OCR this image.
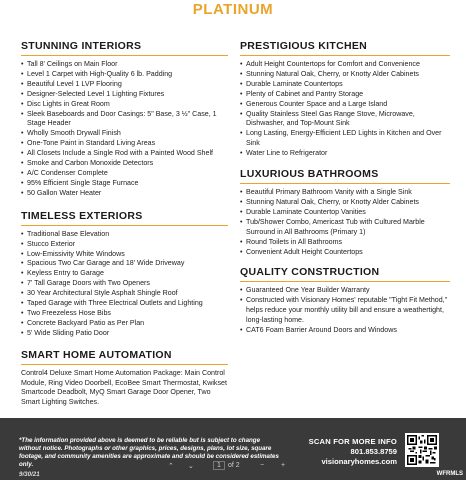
PLATINUM
STUNNING INTERIORS
• Tall 8' Ceilings on Main Floor
• Level 1 Carpet with High-Quality 6 lb. Padding
• Beautiful Level 1 LVP Flooring
• Designer-Selected Level 1 Lighting Fixtures
• Disc Lights in Great Room
• Sleek Baseboards and Door Casings: 5" Base, 3 ½" Case, 1 Stage Header
• Wholly Smooth Drywall Finish
• One-Tone Paint in Standard Living Areas
• All Closets Include a Single Rod with a Painted Wood Shelf
• Smoke and Carbon Monoxide Detectors
• A/C Condenser Complete
• 95% Efficient Single Stage Furnace
• 50 Gallon Water Heater
TIMELESS EXTERIORS
• Traditional Base Elevation
• Stucco Exterior
• Low-Emissivity White Windows
• Spacious Two Car Garage and 18' Wide Driveway
• Keyless Entry to Garage
• 7' Tall Garage Doors with Two Openers
• 30 Year Architectural Style Asphalt Shingle Roof
• Taped Garage with Three Electrical Outlets and Lighting
• Two Freezeless Hose Bibs
• Concrete Backyard Patio as Per Plan
• 5' Wide Sliding Patio Door
SMART HOME AUTOMATION
Control4 Deluxe Smart Home Automation Package: Main Control Module, Ring Video Doorbell, EcoBee Smart Thermostat, Kwikset Smartcode Deadbolt, MyQ Smart Garage Door Opener, Two Smart Lighting Switches.
PRESTIGIOUS KITCHEN
• Adult Height Countertops for Comfort and Convenience
• Stunning Natural Oak, Cherry, or Knotty Alder Cabinets
• Durable Laminate Countertops
• Plenty of Cabinet and Pantry Storage
• Generous Counter Space and a Large Island
• Quality Stainless Steel Gas Range Stove, Microwave, Dishwasher, and Top-Mount Sink
• Long Lasting, Energy-Efficient LED Lights in Kitchen and Over Sink
• Water Line to Refrigerator
LUXURIOUS BATHROOMS
• Beautiful Primary Bathroom Vanity with a Single Sink
• Stunning Natural Oak, Cherry, or Knotty Alder Cabinets
• Durable Laminate Countertop Vanities
• Tub/Shower Combo, Americast Tub with Cultured Marble Surround in All Bathrooms (Primary 1)
• Round Toilets in All Bathrooms
• Convenient Adult Height Countertops
QUALITY CONSTRUCTION
• Guaranteed One Year Builder Warranty
• Constructed with Visionary Homes' reputable "Tight Fit Method," helps reduce your monthly utility bill and ensure a weathertight, long-lasting home.
• CAT6 Foam Barrier Around Doors and Windows
*The information provided above is deemed to be reliable but is subject to change without notice. Photographs or other graphics, prices, designs, plans, lot size, square footage, and community amenities are approximate and should be considered estimates only.
9/30/21
SCAN FOR MORE INFO
801.853.8759
visionaryhomes.com
WFRMLS
⌃ ⌄	1	of 2	− +
